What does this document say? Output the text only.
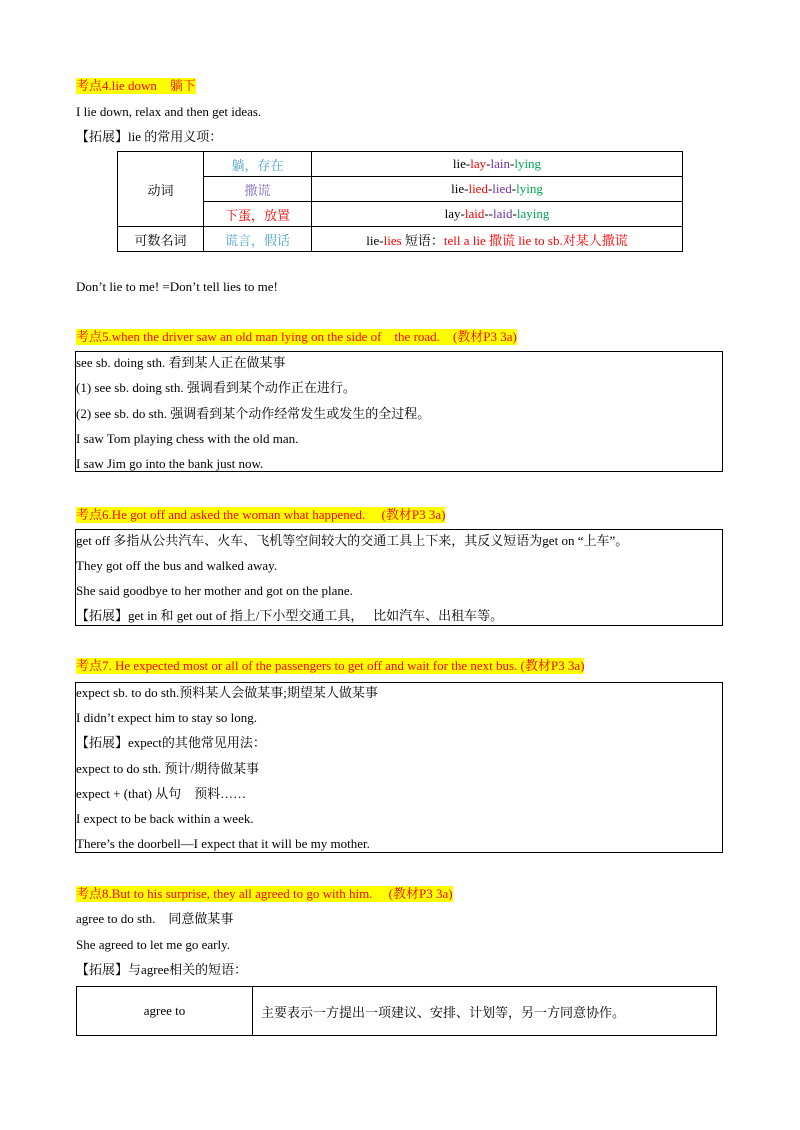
考点4.lie down　躺下
I lie down, relax and then get ideas.
【拓展】lie 的常用义项：
动词	躺，存在	lie-lay-lain-lying
	撒谎	lie-lied-lied-lying
	下蛋，放置	lay-laid--laid-laying
可数名词	谎言，假话	lie-lies 短语：tell a lie 撒谎 lie to sb.对某人撒谎
Don’t lie to me! =Don’t tell lies to me!
考点5.when the driver saw an old man lying on the side of　the road.　(教材P3 3a)
see sb. doing sth. 看到某人正在做某事
(1) see sb. doing sth. 强调看到某个动作正在进行。
(2) see sb. do sth. 强调看到某个动作经常发生或发生的全过程。
I saw Tom playing chess with the old man.
I saw Jim go into the bank just now.
考点6.He got off and asked the woman what happened.　 (教材P3 3a)
get off 多指从公共汽车、火车、飞机等空间较大的交通工具上下来，其反义短语为get on “上车”。
They got off the bus and walked away.
She said goodbye to her mother and got on the plane.
【拓展】get in 和 get out of 指上/下小型交通工具，　 比如汽车、出租车等。
考点7. He expected most or all of the passengers to get off and wait for the next bus. (教材P3 3a)
expect sb. to do sth.预料某人会做某事;期望某人做某事
I didn’t expect him to stay so long.
【拓展】expect的其他常见用法：
expect to do sth. 预计/期待做某事
expect + (that) 从句　预料……
I expect to be back within a week.
There’s the doorbell—I expect that it will be my mother.
考点8.But to his surprise, they all agreed to go with him.　 (教材P3 3a)
agree to do sth.　同意做某事
She agreed to let me go early.
【拓展】与agree相关的短语：
agree to	主要表示一方提出一项建议、安排、计划等，另一方同意协作。
